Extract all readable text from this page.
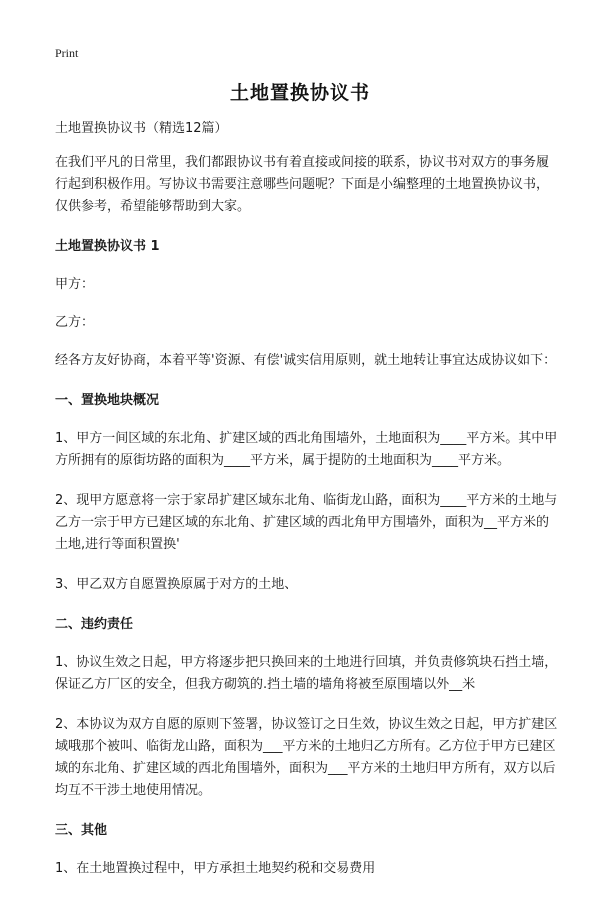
Print
土地置换协议书

土地置换协议书（精选12篇）

在我们平凡的日常里，我们都跟协议书有着直接或间接的联系，协议书对双方的事务履行起到积极作用。写协议书需要注意哪些问题呢？下面是小编整理的土地置换协议书，仅供参考，希望能够帮助到大家。

土地置换协议书 1

甲方：

乙方：

经各方友好协商，本着平等'资源、有偿'诚实信用原则，就土地转让事宜达成协议如下：

一、置换地块概况

1、甲方一间区域的东北角、扩建区域的西北角围墙外，土地面积为____平方米。其中甲方所拥有的原街坊路的面积为____平方米，属于提防的土地面积为____平方米。

2、现甲方愿意将一宗于家昂扩建区域东北角、临街龙山路，面积为____平方米的土地与乙方一宗于甲方已建区域的东北角、扩建区域的西北角甲方围墙外，面积为__平方米的土地,进行等面积置换'

3、甲乙双方自愿置换原属于对方的土地、

二、违约责任

1、协议生效之日起，甲方将逐步把只换回来的土地进行回填，并负责修筑块石挡土墙，保证乙方厂区的安全，但我方砌筑的.挡土墙的墙角将被至原围墙以外__米

2、本协议为双方自愿的原则下签署，协议签订之日生效，协议生效之日起，甲方扩建区域哦那个被叫、临街龙山路，面积为___平方米的土地归乙方所有。乙方位于甲方已建区域的东北角、扩建区域的西北角围墙外，面积为___平方米的土地归甲方所有，双方以后均互不干涉土地使用情况。

三、其他

1、在土地置换过程中，甲方承担土地契约税和交易费用
